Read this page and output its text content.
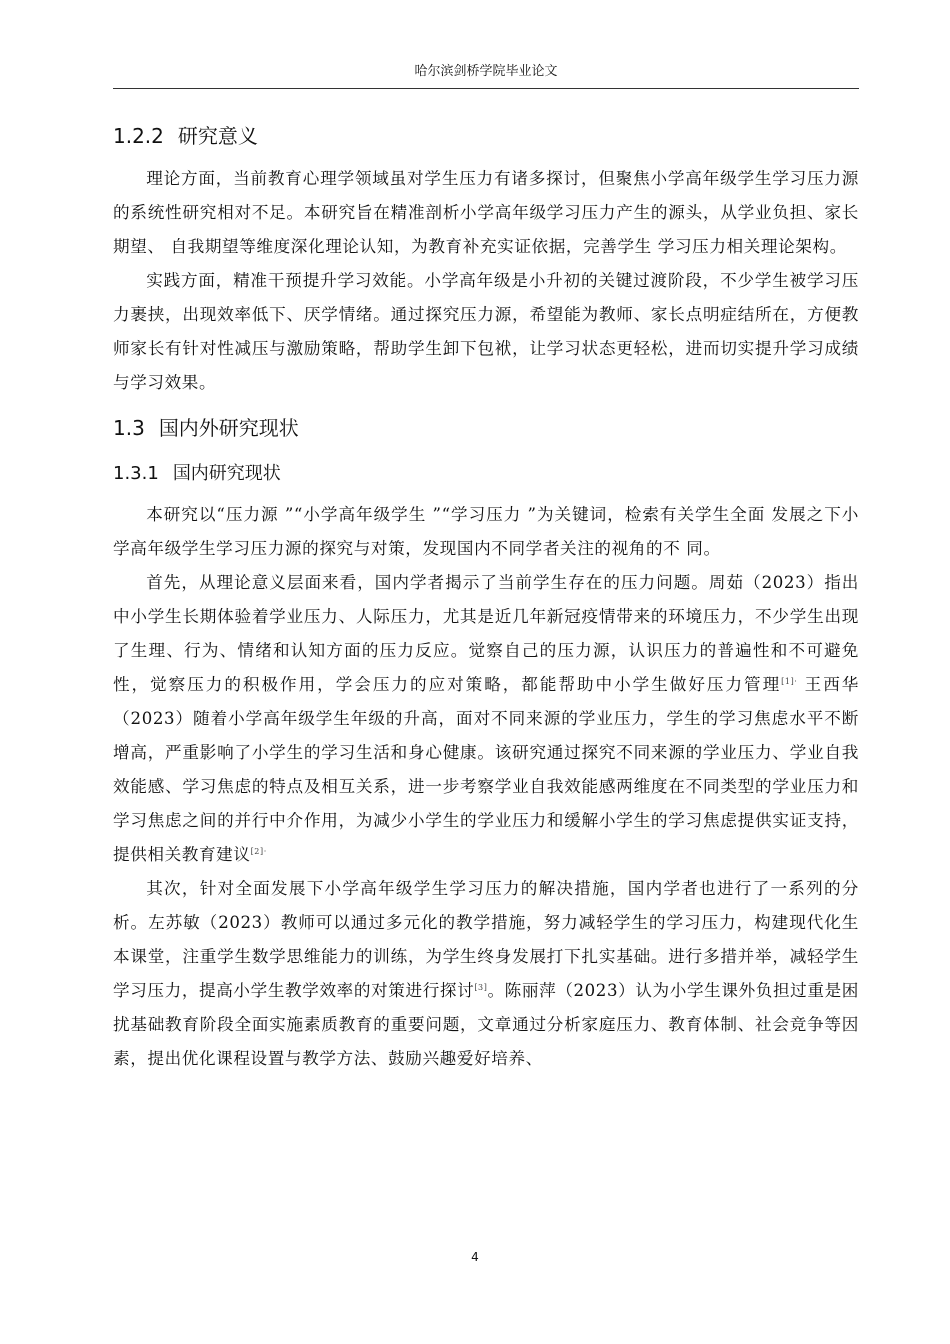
哈尔滨剑桥学院毕业论文
1.2.2 研究意义

理论方面，当前教育心理学领域虽对学生压力有诸多探讨，但聚焦小学高年级学生学习压力源的系统性研究相对不足。本研究旨在精准剖析小学高年级学习压力产生的源头，从学业负担、家长期望、 自我期望等维度深化理论认知，为教育补充实证依据，完善学生 学习压力相关理论架构。

实践方面，精准干预提升学习效能。小学高年级是小升初的关键过渡阶段，不少学生被学习压力裹挟，出现效率低下、厌学情绪。通过探究压力源，希望能为教师、家长点明症结所在，方便教师家长有针对性减压与激励策略，帮助学生卸下包袱，让学习状态更轻松，进而切实提升学习成绩与学习效果。

1.3 国内外研究现状
1.3.1 国内研究现状

本研究以“压力源 ”“小学高年级学生 ”“学习压力 ”为关键词，检索有关学生全面 发展之下小学高年级学生学习压力源的探究与对策，发现国内不同学者关注的视角的不 同。

首先，从理论意义层面来看，国内学者揭示了当前学生存在的压力问题。周茹（2023）指出 中小学生长期体验着学业压力、人际压力，尤其是近几年新冠疫情带来的环境压力，不少学生出现了生理、行为、情绪和认知方面的压力反应。觉察自己的压力源，认识压力的普遍性和不可避免性，觉察压力的积极作用，学会压力的应对策略，都能帮助中小学生做好压力管理$^{[1]\cdot}$ 王西华（2023）随着小学高年级学生年级的升高，面对不同来源的学业压力，学生的学习焦虑水平不断增高，严重影响了小学生的学习生活和身心健康。该研究通过探究不同来源的学业压力、学业自我效能感、学习焦虑的特点及相互关系，进一步考察学业自我效能感两维度在不同类型的学业压力和学习焦虑之间的并行中介作用，为减少小学生的学业压力和缓解小学生的学习焦虑提供实证支持，提供相关教育建议$^{[2]\cdot}$

其次，针对全面发展下小学高年级学生学习压力的解决措施，国内学者也进行了一系列的分析。左苏敏（2023）教师可以通过多元化的教学措施，努力减轻学生的学习压力，构建现代化生本课堂，注重学生数学思维能力的训练，为学生终身发展打下扎实基础。进行多措并举，减轻学生学习压力，提高小学生教学效率的对策进行探讨[3]。陈丽萍（2023）认为小学生课外负担过重是困扰基础教育阶段全面实施素质教育的重要问题，文章通过分析家庭压力、教育体制、社会竞争等因素，提出优化课程设置与教学方法、鼓励兴趣爱好培养、

4
